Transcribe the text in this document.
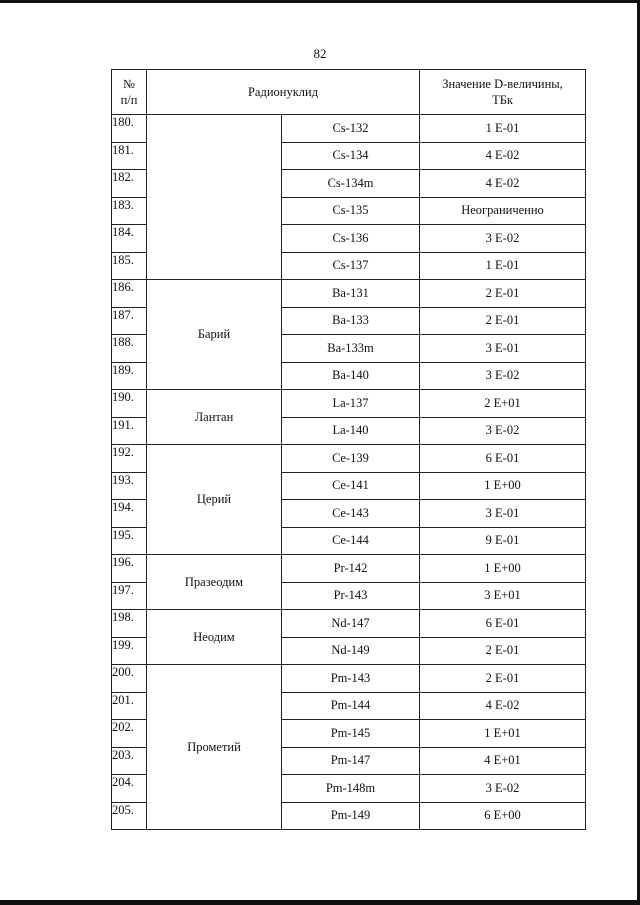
82
№
п/п	Радионуклид		Значение D-величины,
ТБк
180.		Cs-132	1 E-01
181.		Cs-134	4 E-02
182.		Cs-134m	4 E-02
183.		Cs-135	Неограниченно
184.		Cs-136	3 E-02
185.		Cs-137	1 E-01
186.	Барий	Ba-131	2 E-01
187.		Ba-133	2 E-01
188.		Ba-133m	3 E-01
189.		Ba-140	3 E-02
190.	Лантан	La-137	2 E+01
191.		La-140	3 E-02
192.	Церий	Ce-139	6 E-01
193.		Ce-141	1 E+00
194.		Ce-143	3 E-01
195.		Ce-144	9 E-01
196.	Празеодим	Pr-142	1 E+00
197.		Pr-143	3 E+01
198.	Неодим	Nd-147	6 E-01
199.		Nd-149	2 E-01
200.	Прометий	Pm-143	2 E-01
201.		Pm-144	4 E-02
202.		Pm-145	1 E+01
203.		Pm-147	4 E+01
204.		Pm-148m	3 E-02
205.		Pm-149	6 E+00
